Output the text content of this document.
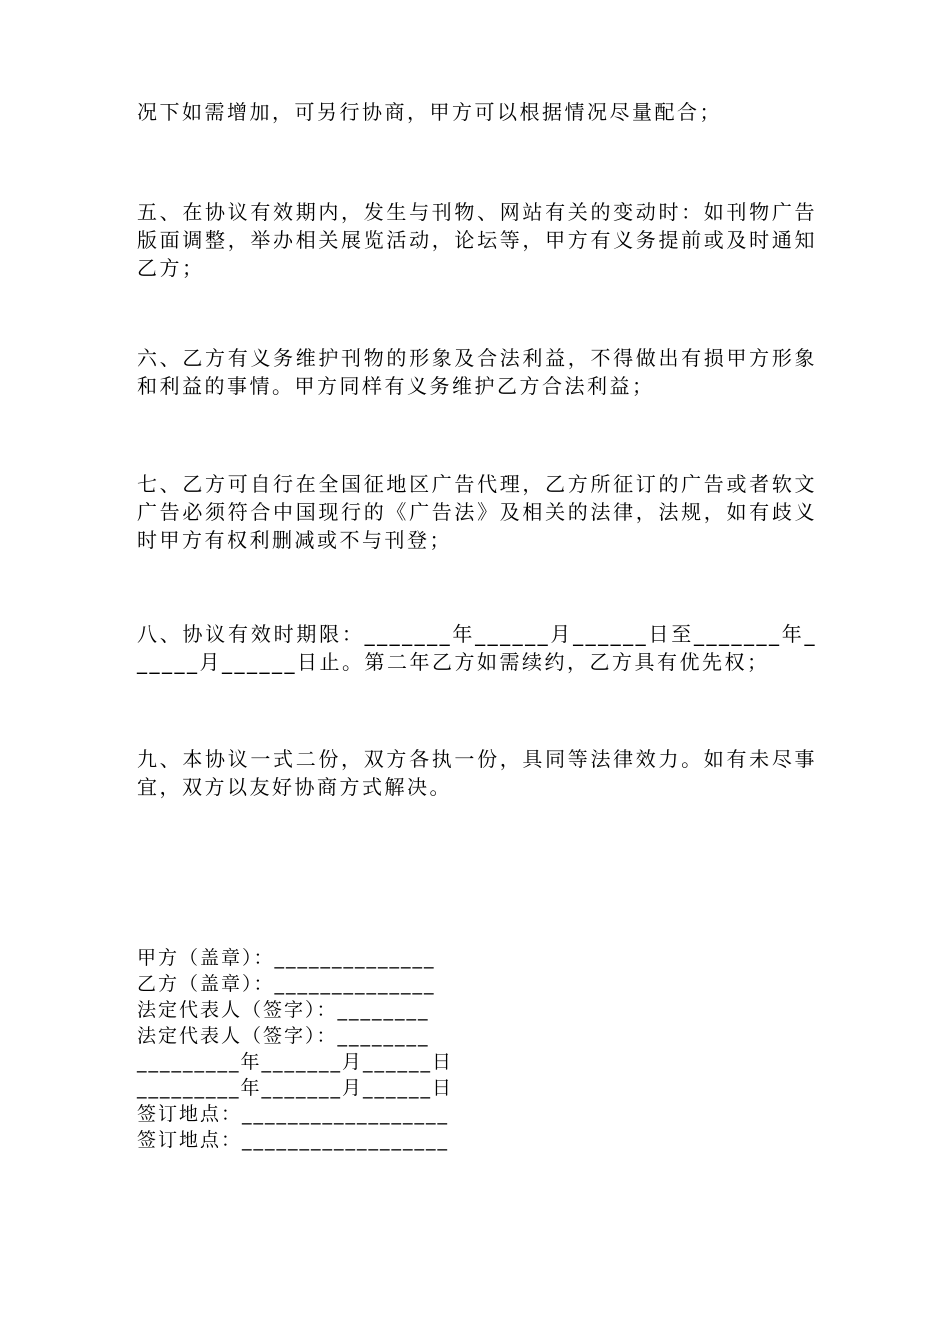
况下如需增加，可另行协商，甲方可以根据情况尽量配合；
五、在协议有效期内，发生与刊物、网站有关的变动时：如刊物广告版面调整，举办相关展览活动，论坛等，甲方有义务提前或及时通知乙方；
六、乙方有义务维护刊物的形象及合法利益，不得做出有损甲方形象和利益的事情。甲方同样有义务维护乙方合法利益；
七、乙方可自行在全国征地区广告代理，乙方所征订的广告或者软文广告必须符合中国现行的《广告法》及相关的法律，法规，如有歧义时甲方有权利删减或不与刊登；
八、协议有效时期限：_______年______月______日至_______年______月______日止。第二年乙方如需续约，乙方具有优先权；
九、本协议一式二份，双方各执一份，具同等法律效力。如有未尽事宜，双方以友好协商方式解决。
甲方（盖章）：______________
乙方（盖章）：______________
法定代表人（签字）：________
法定代表人（签字）：________
_________年_______月______日
_________年_______月______日
签订地点：__________________
签订地点：__________________
